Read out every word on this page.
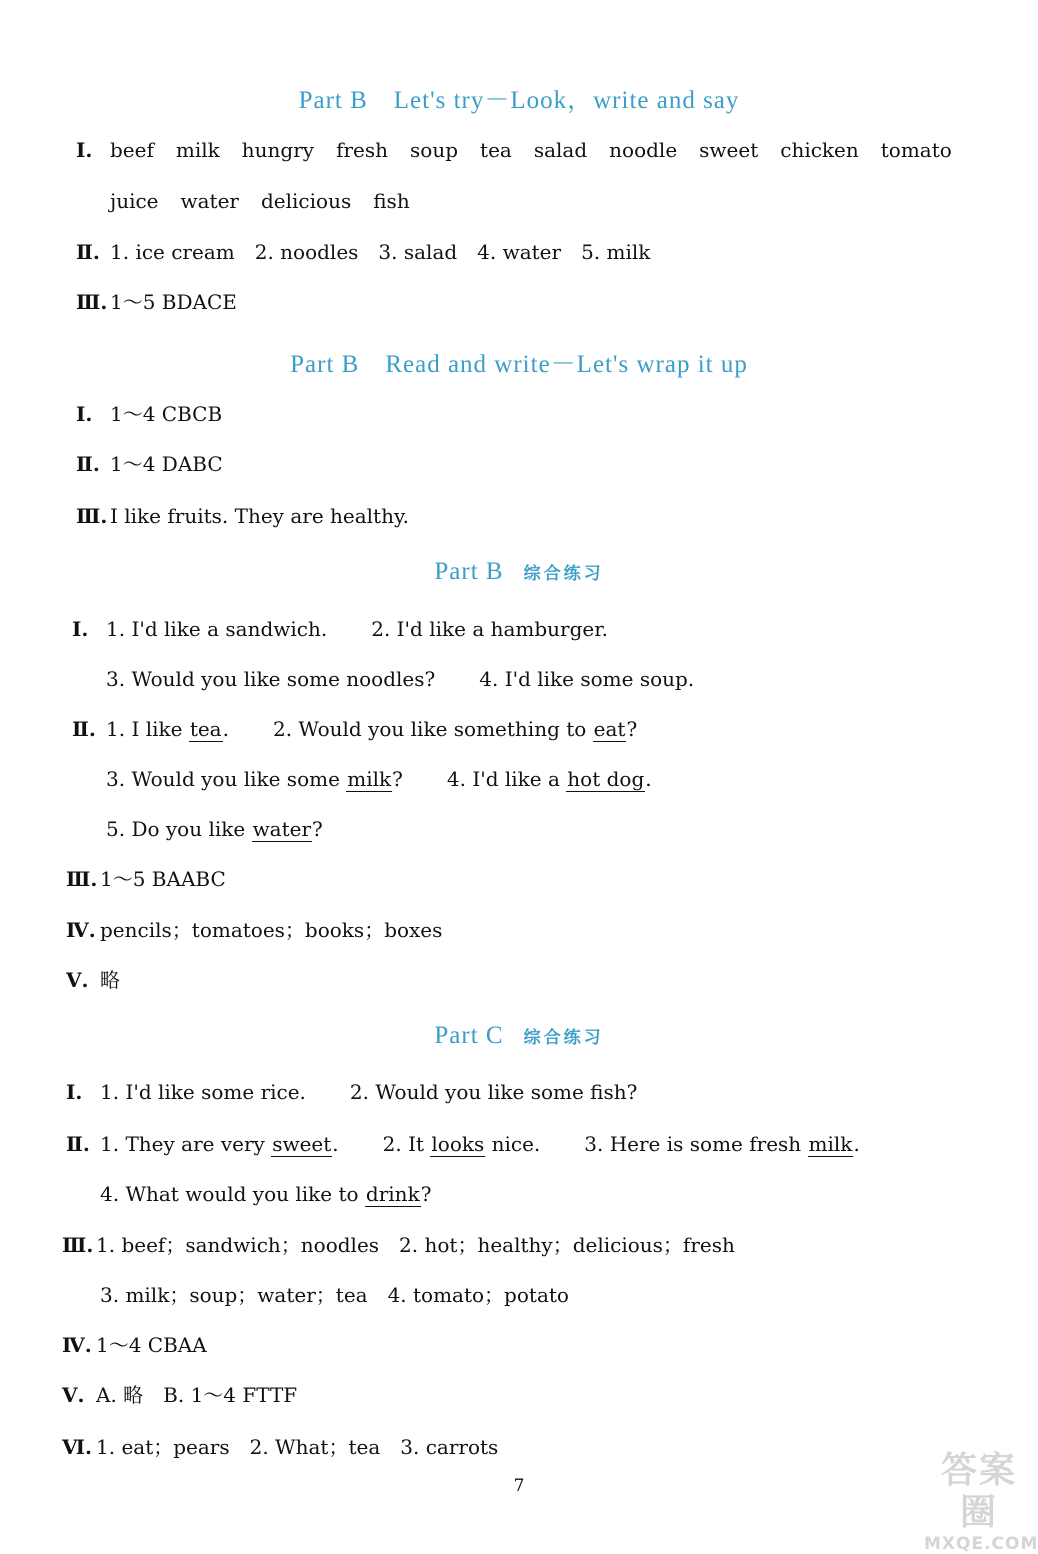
Part B　Let's try－Look，write and say
Ⅰ. beef milk hungry fresh soup tea salad noodle sweet chicken tomato
juice water delicious fish
Ⅱ. 1. ice cream　2. noodles　3. salad　4. water　5. milk
Ⅲ. 1～5 BDACE
Part B　Read and write－Let's wrap it up
Ⅰ. 1～4 CBCB
Ⅱ. 1～4 DABC
Ⅲ. I like fruits. They are healthy.
Part B 综合练习
Ⅰ. 1. I'd like a sandwich. 2. I'd like a hamburger.
3. Would you like some noodles? 4. I'd like some soup.
Ⅱ. 1. I like tea. 2. Would you like something to eat?
3. Would you like some milk? 4. I'd like a hot dog.
5. Do you like water?
Ⅲ. 1～5 BAABC
Ⅳ. pencils；tomatoes；books；boxes
Ⅴ. 略
Part C 综合练习
Ⅰ. 1. I'd like some rice. 2. Would you like some fish?
Ⅱ. 1. They are very sweet. 2. It looks nice. 3. Here is some fresh milk.
4. What would you like to drink?
Ⅲ. 1. beef；sandwich；noodles　2. hot；healthy；delicious；fresh
3. milk；soup；water；tea　4. tomato；potato
Ⅳ. 1～4 CBAA
Ⅴ. A. 略　B. 1～4 FTTF
Ⅵ. 1. eat；pears　2. What；tea　3. carrots
7	答案圈
MXQE.COM
